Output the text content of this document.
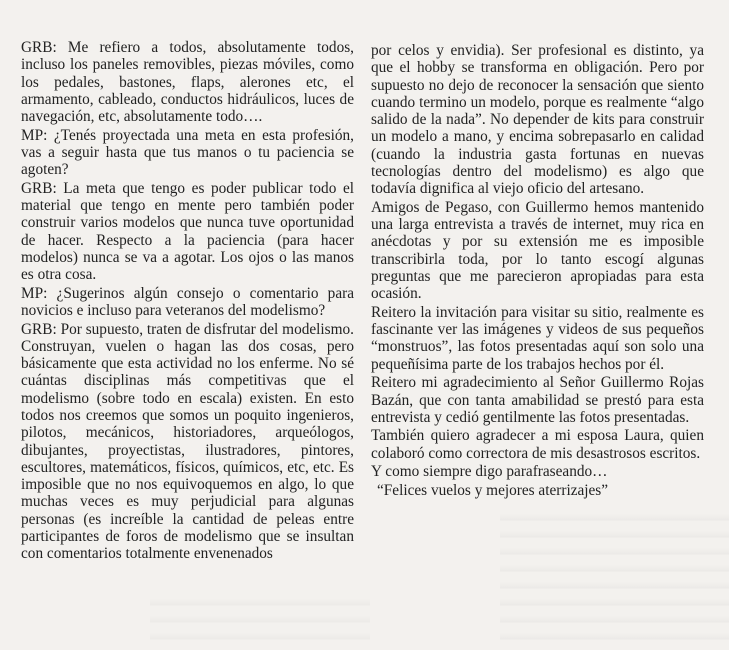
GRB: Me refiero a todos, absolutamente todos, incluso los paneles removibles, piezas móviles, como los pedales, bastones, flaps, alerones etc, el armamento, cableado, conductos hidráulicos, luces de navegación, etc, absolutamente todo….

MP: ¿Tenés proyectada una meta en esta profesión, vas a seguir hasta que tus manos o tu paciencia se agoten?

GRB: La meta que tengo es poder publicar todo el material que tengo en mente pero también poder construir varios modelos que nunca tuve oportunidad de hacer. Respecto a la paciencia (para hacer modelos) nunca se va a agotar. Los ojos o las manos es otra cosa.

MP: ¿Sugerinos algún consejo o comentario para novicios e incluso para veteranos del modelismo?

GRB: Por supuesto, traten de disfrutar del modelismo. Construyan, vuelen o hagan las dos cosas, pero básicamente que esta actividad no los enferme. No sé cuántas disciplinas más competitivas que el modelismo (sobre todo en escala) existen. En esto todos nos creemos que somos un poquito ingenieros, pilotos, mecánicos, historiadores, arqueólogos, dibujantes, proyectistas, ilustradores, pintores, escultores, matemáticos, físicos, químicos, etc, etc. Es imposible que no nos equivoquemos en algo, lo que muchas veces es muy perjudicial para algunas personas (es increíble la cantidad de peleas entre participantes de foros de modelismo que se insultan con comentarios totalmente envenenados

por celos y envidia). Ser profesional es distinto, ya que el hobby se transforma en obligación. Pero por supuesto no dejo de reconocer la sensación que siento cuando termino un modelo, porque es realmente “algo salido de la nada”. No depender de kits para construir un modelo a mano, y encima sobrepasarlo en calidad (cuando la industria gasta fortunas en nuevas tecnologías dentro del modelismo) es algo que todavía dignifica al viejo oficio del artesano.

Amigos de Pegaso, con Guillermo hemos mantenido una larga entrevista a través de internet, muy rica en anécdotas y por su extensión me es imposible transcribirla toda, por lo tanto escogí algunas preguntas que me parecieron apropiadas para esta ocasión.

Reitero la invitación para visitar su sitio, realmente es fascinante ver las imágenes y videos de sus pequeños “monstruos”, las fotos presentadas aquí son solo una pequeñísima parte de los trabajos hechos por él.

Reitero mi agradecimiento al Señor Guillermo Rojas Bazán, que con tanta amabilidad se prestó para esta entrevista y cedió gentilmente las fotos presentadas.

También quiero agradecer a mi esposa Laura, quien colaboró como correctora de mis desastrosos escritos.

Y como siempre digo parafraseando…

“Felices vuelos y mejores aterrizajes”
